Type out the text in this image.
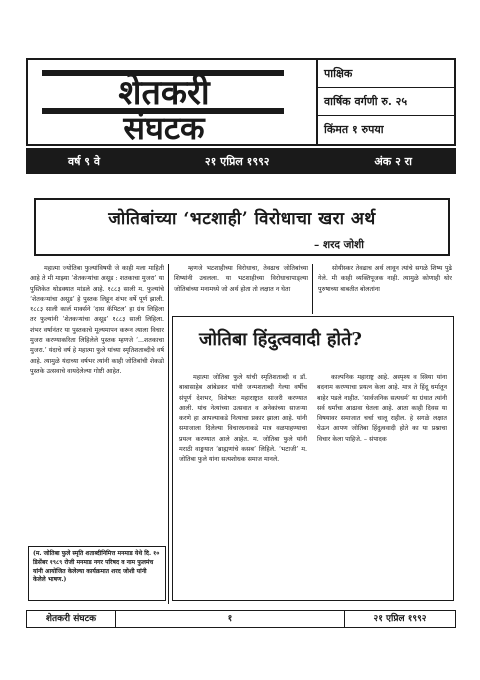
शेतकरी
संघटक
पाक्षिक
वार्षिक वर्गणी रु. २५
किंमत १ रुपया
वर्ष ९ वे	२१ एप्रिल १९९२	अंक २ रा
जोतिबांच्या ‘भटशाही’ विरोधाचा खरा अर्थ
– शरद जोशी

महात्मा ज्योतिबा फुल्यांविषयी जे काही मला माहिती आहे ते मी माझ्या ‘शेतकऱ्यांचा असूड : शतकाचा मुजरा’ या पुस्तिकेत थोडक्यात मांडले आहे. १८८३ साली म. फुल्यांचे ‘शेतकऱ्यांचा असूड’ हे पुस्तक लिहून शंभर वर्षे पूर्ण झाली. १८८३ साली कार्ल मार्क्सने ‘दास कॅपिटल’ हा ग्रंथ लिहिला तर फुल्यांनी ‘शेतकऱ्यांचा असूड’ १८८३ साली लिहिला. शंभर वर्षानंतर या पुस्तकाचे मूल्यमापन करून त्याला विचार मुजरा करण्याकरिता लिहिलेले पुस्तक म्हणजे ‘...शतकाचा मुजरा.’ यंदाचे वर्ष हे महात्मा फुले यांच्या स्मृतिशताब्दीचे वर्ष आहे. त्यामुळे यंदाच्या वर्षभर त्यांनी काही जोतिबांची शेकडो पुस्तके उत्सवाचे वायदेलेल्या गोष्टी आहेत.

म्हणजे भटशाहीच्या विरोधाचा, तेवढाच जोतिबांच्या शिष्यांनी उचलला. या भटशाहीच्या विरोधाचापाड्ल्या जोतिबांच्या मनामध्ये जो अर्थ होता तो लक्षात न घेता

सोयीस्कर तेवढाच अर्थ लावून त्यांचे सगळे शिष्य पुढे गेले. मी काही व्यक्तिपूजक नाही. त्यामुळे कोणाही थोर पुरुषाच्या बाबतीत बोलतांना

जोतिबा हिंदुत्ववादी होते?

महात्मा जोतिबा फुले यांची स्मृतिशताब्दी व डॉ. बाबासाहेब आंबेडकर यांची जन्मशताब्दी गेल्या वर्षीच संपूर्ण देशभर, विशेषतः महाराष्ट्रात साजरी करण्यात आली. यांच नेत्यांच्या उत्सवात व अनेकांच्या साजऱ्या करणे हा आपल्याकडे नित्याचा प्रकार झाला आहे. यांनी समाजाला दिलेल्या विचारधनाकडे मात्र वळपाहण्याचा प्रयत्न करण्यात आले आहेत. म. जोतिबा फुले यांनी मराठी वाङ्मयात ‘ब्राह्मणांचे कसब’ लिहिले. ‘भटाजी’ म. जोतिबा फुले यांना सत्यशोधक समाज मानले.

काल्पनिक महाराष्ट्र आहे. अस्पृश्य व स्त्रिया यांना बदनाम करण्याचा प्रयत्न केला आहे. मात्र ते हिंदू धर्मातून बाहेर पडले नाहीत. ‘सार्वजनिक सत्यधर्म’ या ग्रंथात त्यांनी सर्व धर्मांचा आढावा घेतला आहे. आता काही दिवस या विषयावर समाजात चर्चा चालू राहील. हे सगळे लक्षात घेऊन आपण जोतिबा हिंदुत्ववादी होते का या प्रश्नाचा विचार केला पाहिजे. – संपादक

(म. जोतिबा फुले स्मृति शताब्दीनिमित्त मनमाड येथे दि. १० डिसेंबर १९८९ रोजी मनमाड नगर परिषद व नाम फुलमंच यांनी आयोजित केलेल्या कार्यक्रमात शरद जोशी यांनी केलेले भाषण.)
शेतकरी संघटक	१	२१ एप्रिल १९९२
